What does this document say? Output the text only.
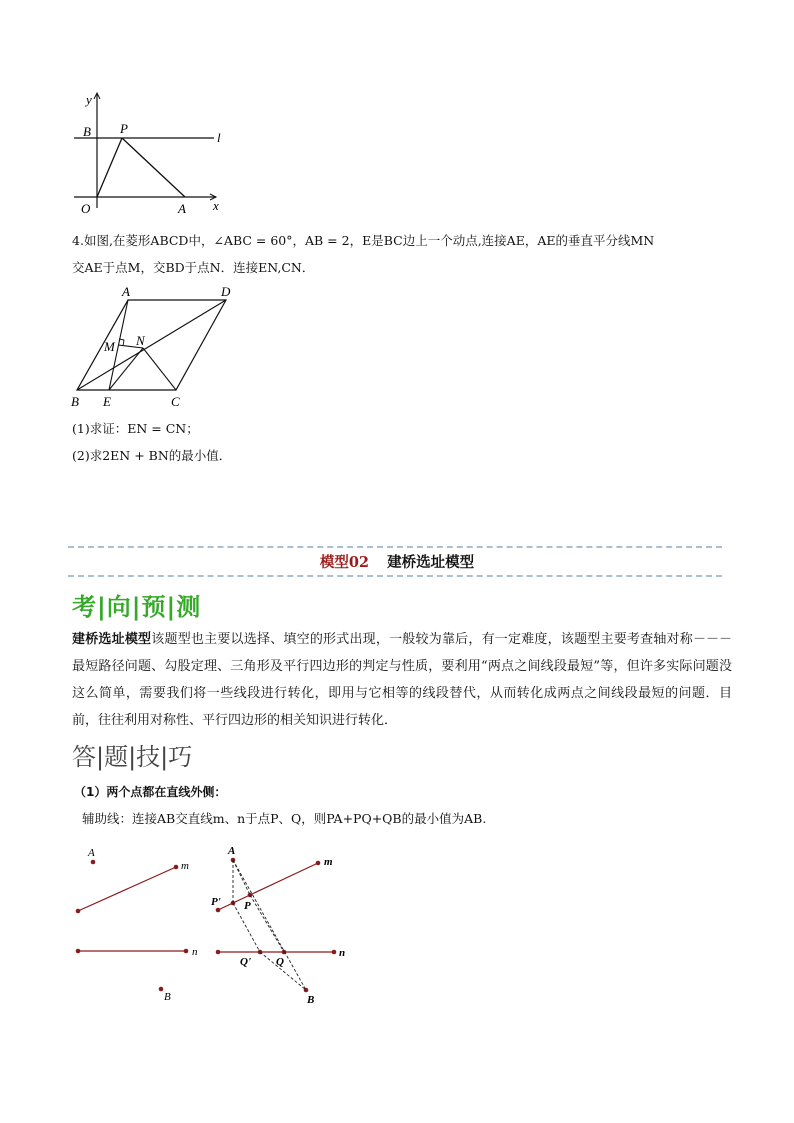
y
B P
l
O	A x
4.如图,在菱形ABCD中，∠ABC = 60°，AB = 2，E是BC边上一个动点,连接AE，AE的垂直平分线MN
交AE于点M，交BD于点N．连接EN,CN．
A	D
M N
B E	C
(1)求证：EN = CN；
(2)求2EN + BN的最小值．
模型02 建桥选址模型
考|向|预|测
建桥选址模型该题型也主要以选择、填空的形式出现，一般较为靠后，有一定难度，该题型主要考查轴对称－－－最短路径问题、勾股定理、三角形及平行四边形的判定与性质，要利用“两点之间线段最短”等，但许多实际问题没这么简单，需要我们将一些线段进行转化，即用与它相等的线段替代，从而转化成两点之间线段最短的问题．目前，往往利用对称性、平行四边形的相关知识进行转化．
答|题|技|巧
（1）两个点都在直线外侧：
辅助线：连接AB交直线m、n于点P、Q，则PA+PQ+QB的最小值为AB.
A
m
n
B
A
m
n
P' P
Q' Q
B
